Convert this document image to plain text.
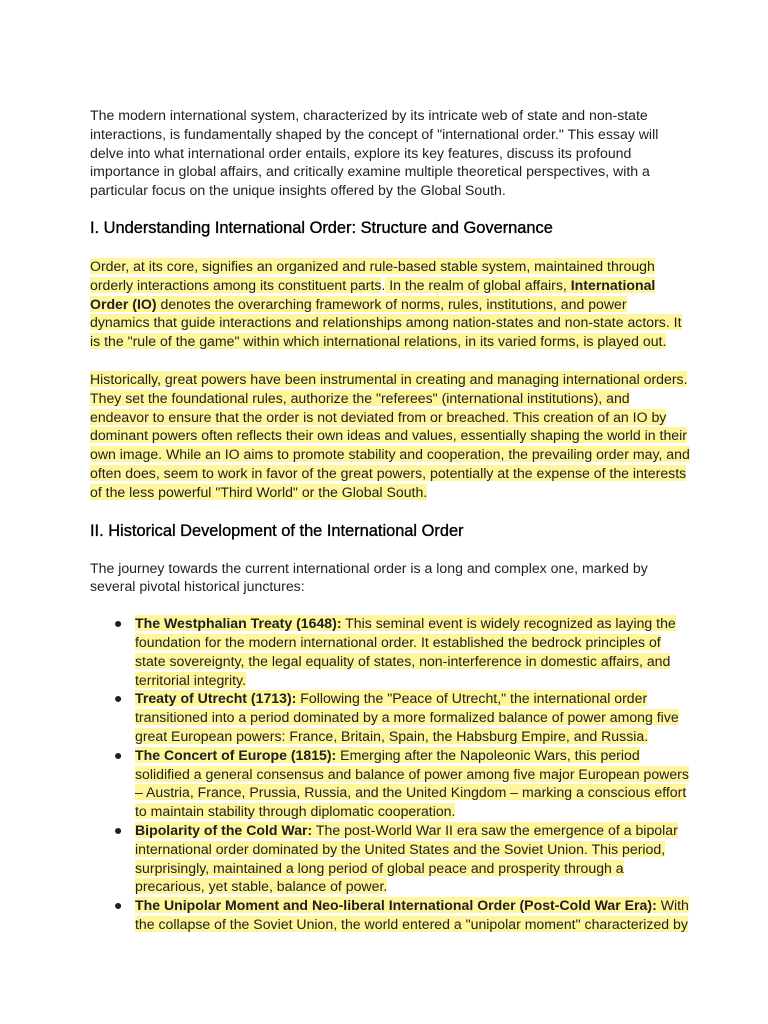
The modern international system, characterized by its intricate web of state and non-state interactions, is fundamentally shaped by the concept of "international order." This essay will delve into what international order entails, explore its key features, discuss its profound importance in global affairs, and critically examine multiple theoretical perspectives, with a particular focus on the unique insights offered by the Global South.

I. Understanding International Order: Structure and Governance

Order, at its core, signifies an organized and rule-based stable system, maintained through orderly interactions among its constituent parts. In the realm of global affairs, International Order (IO) denotes the overarching framework of norms, rules, institutions, and power dynamics that guide interactions and relationships among nation-states and non-state actors. It is the "rule of the game" within which international relations, in its varied forms, is played out.

Historically, great powers have been instrumental in creating and managing international orders. They set the foundational rules, authorize the "referees" (international institutions), and endeavor to ensure that the order is not deviated from or breached. This creation of an IO by dominant powers often reflects their own ideas and values, essentially shaping the world in their own image. While an IO aims to promote stability and cooperation, the prevailing order may, and often does, seem to work in favor of the great powers, potentially at the expense of the interests of the less powerful "Third World" or the Global South.

II. Historical Development of the International Order

The journey towards the current international order is a long and complex one, marked by several pivotal historical junctures:

● The Westphalian Treaty (1648): This seminal event is widely recognized as laying the foundation for the modern international order. It established the bedrock principles of state sovereignty, the legal equality of states, non-interference in domestic affairs, and territorial integrity.
● Treaty of Utrecht (1713): Following the "Peace of Utrecht," the international order transitioned into a period dominated by a more formalized balance of power among five great European powers: France, Britain, Spain, the Habsburg Empire, and Russia.
● The Concert of Europe (1815): Emerging after the Napoleonic Wars, this period solidified a general consensus and balance of power among five major European powers – Austria, France, Prussia, Russia, and the United Kingdom – marking a conscious effort to maintain stability through diplomatic cooperation.
● Bipolarity of the Cold War: The post-World War II era saw the emergence of a bipolar international order dominated by the United States and the Soviet Union. This period, surprisingly, maintained a long period of global peace and prosperity through a precarious, yet stable, balance of power.
● The Unipolar Moment and Neo-liberal International Order (Post-Cold War Era): With the collapse of the Soviet Union, the world entered a "unipolar moment" characterized by
